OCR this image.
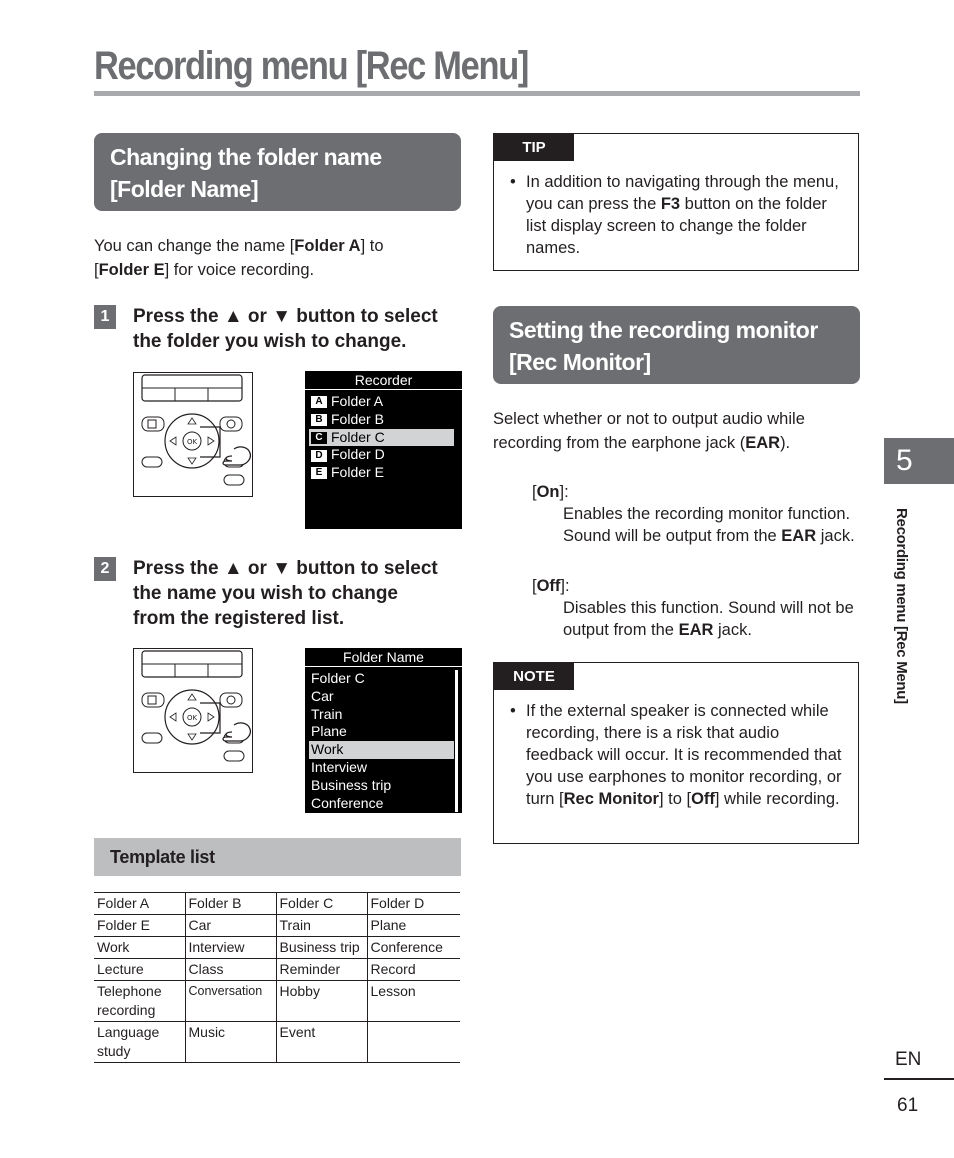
Recording menu [Rec Menu]
Changing the folder name
[Folder Name]
You can change the name [Folder A] to
[Folder E] for voice recording.
1	Press the ▲ or ▼ button to select
the folder you wish to change.
OK
Recorder
A Folder A
B Folder B
C Folder C
D Folder D
E Folder E
2	Press the ▲ or ▼ button to select
the name you wish to change
from the registered list.
OK
Folder Name
Folder C
Car
Train
Plane
Work
Interview
Business trip
Conference
Template list
Folder A	Folder B	Folder C	Folder D
Folder E	Car	Train	Plane
Work	Interview	Business trip	Conference
Lecture	Class	Reminder	Record
Telephone recording	Conversation	Hobby	Lesson
Language study	Music	Event	
TIP
• In addition to navigating through the menu, you can press the F3 button on the folder list display screen to change the folder names.
Setting the recording monitor
[Rec Monitor]
Select whether or not to output audio while recording from the earphone jack (EAR).
[On]:
Enables the recording monitor function. Sound will be output from the EAR jack.
[Off]:
Disables this function. Sound will not be output from the EAR jack.
NOTE
• If the external speaker is connected while recording, there is a risk that audio feedback will occur. It is recommended that you use earphones to monitor recording, or turn [Rec Monitor] to [Off] while recording.
5
Recording menu [Rec Menu]
EN
61
